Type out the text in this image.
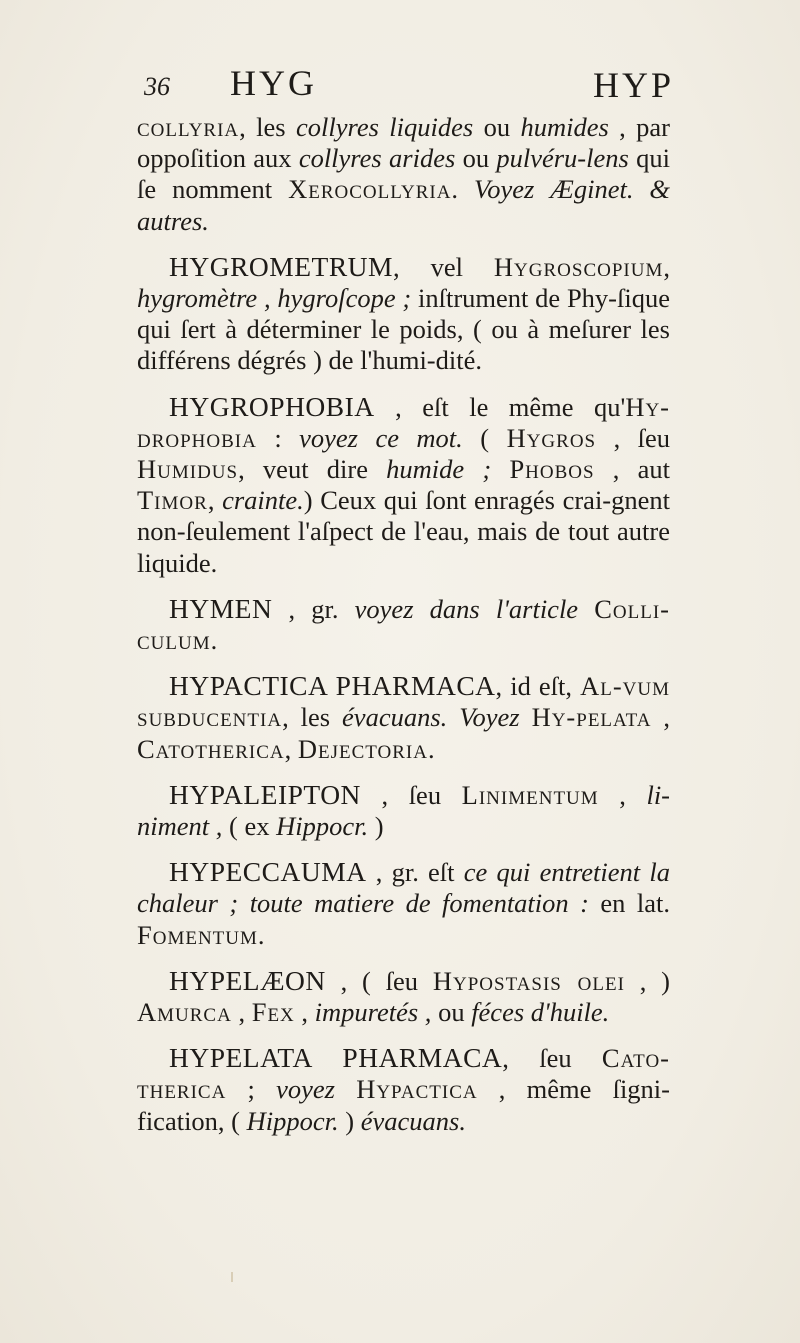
36 HYG	HYP

collyria, les collyres liquides ou humides , par oppoſition aux collyres arides ou pulvéru-lens qui ſe nomment Xerocollyria. Voyez Æginet. & autres.

HYGROMETRUM, vel Hygroscopium, hygromètre , hygroſcope ; inſtrument de Phy-ſique qui ſert à déterminer le poids, ( ou à meſurer les différens dégrés ) de l'humi-dité.

HYGROPHOBIA , eſt le même qu'Hy-drophobia : voyez ce mot. ( Hygros , ſeu Humidus, veut dire humide ; Phobos , aut Timor, crainte.) Ceux qui ſont enragés crai-gnent non-ſeulement l'aſpect de l'eau, mais de tout autre liquide.

HYMEN , gr. voyez dans l'article Colli-culum.

HYPACTICA PHARMACA, id eſt, Al-vum subducentia, les évacuans. Voyez Hy-pelata , Catotherica, Dejectoria.

HYPALEIPTON , ſeu Linimentum , li-niment , ( ex Hippocr. )

HYPECCAUMA , gr. eſt ce qui entretient la chaleur ; toute matiere de fomentation : en lat. Fomentum.

HYPELÆON , ( ſeu Hypostasis olei , ) Amurca , Fex , impuretés , ou féces d'huile.

HYPELATA PHARMACA, ſeu Cato-therica ; voyez Hypactica , même ſigni-fication, ( Hippocr. ) évacuans.
